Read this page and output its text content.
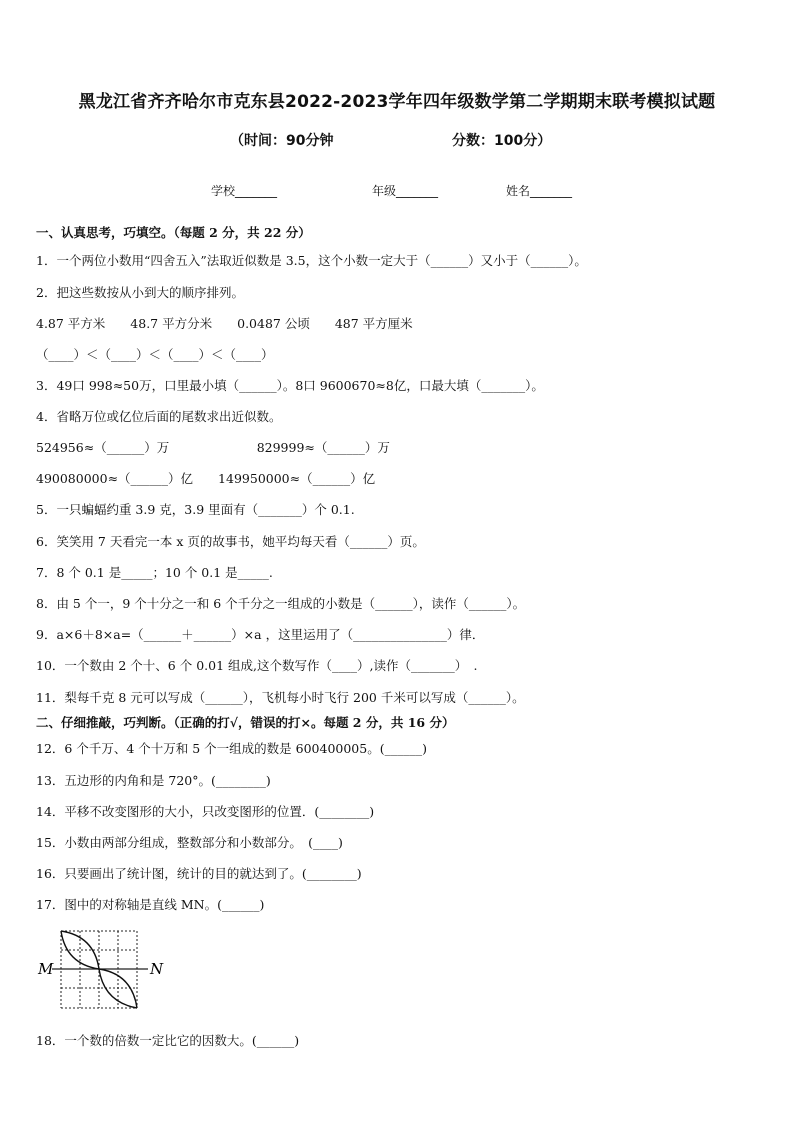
黑龙江省齐齐哈尔市克东县2022-2023学年四年级数学第二学期期末联考模拟试题
（时间：90分钟	分数：100分）
学校_______	年级_______	姓名_______
一、认真思考，巧填空。（每题 2 分，共 22 分）
1．一个两位小数用“四舍五入”法取近似数是 3.5，这个小数一定大于（______）又小于（______）。
2．把这些数按从小到大的顺序排列。
4.87 平方米　　48.7 平方分米　　0.0487 公顷　　487 平方厘米
（____）＜（____）＜（____）＜（____）
3．49口 998≈50万，口里最小填（______）。8口 9600670≈8亿，口最大填（_______）。
4．省略万位或亿位后面的尾数求出近似数。
524956≈（______）万　　　　　　　829999≈（______）万
490080000≈（______）亿　　149950000≈（______）亿
5．一只蝙蝠约重 3.9 克，3.9 里面有（_______）个 0.1.
6．笑笑用 7 天看完一本 x 页的故事书，她平均每天看（______）页。
7．8 个 0.1 是_____；10 个 0.1 是_____.
8．由 5 个一，9 个十分之一和 6 个千分之一组成的小数是（______），读作（______）。
9．a×6＋8×a=（______＋______）×a ，这里运用了（_______________）律．
10．一个数由 2 个十、6 个 0.01 组成,这个数写作（____）,读作（_______）　.
11．梨每千克 8 元可以写成（______），飞机每小时飞行 200 千米可以写成（______）。
二、仔细推敲，巧判断。（正确的打√，错误的打×。每题 2 分，共 16 分）
12．6 个千万、4 个十万和 5 个一组成的数是 600400005。(______)
13．五边形的内角和是 720°。(________)
14．平移不改变图形的大小，只改变图形的位置．(________)
15．小数由两部分组成，整数部分和小数部分。　(____)
16．只要画出了统计图，统计的目的就达到了。(________)
17．图中的对称轴是直线 MN。(______)
18．一个数的倍数一定比它的因数大。(______)
M	N
